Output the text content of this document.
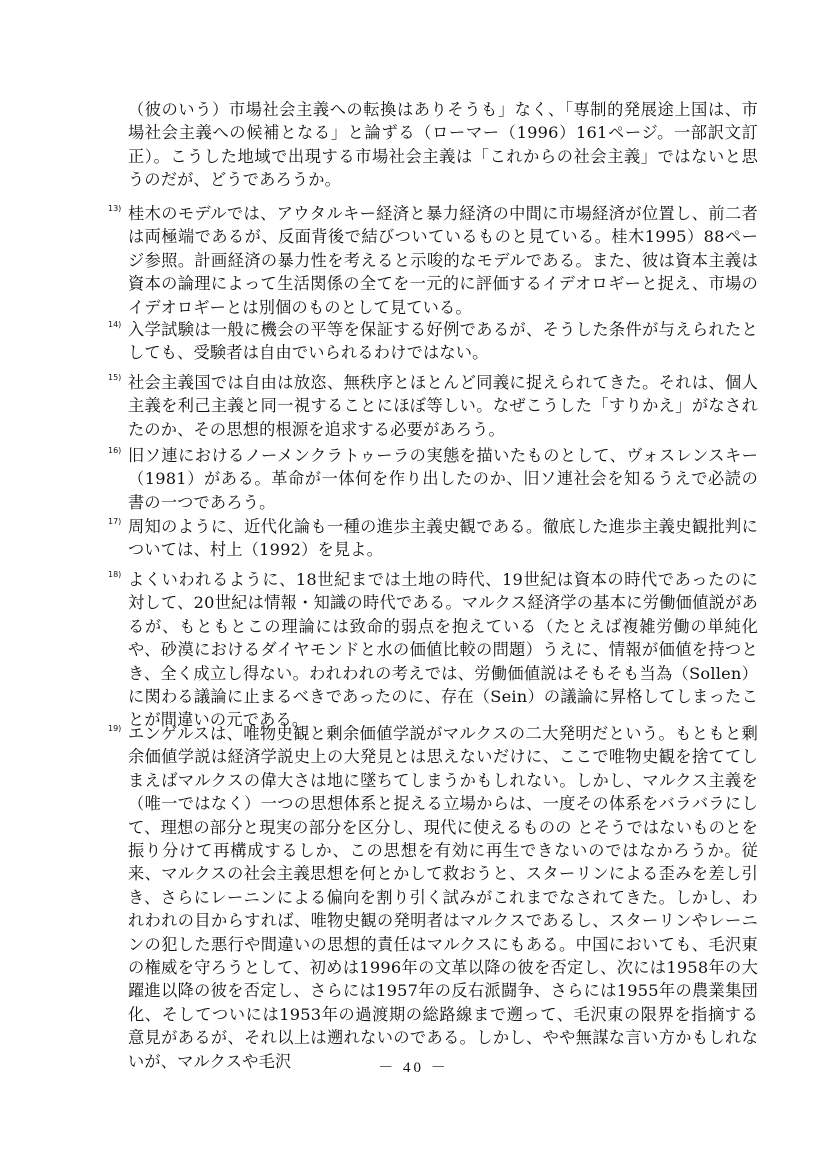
（彼のいう）市場社会主義への転換はありそうも」なく、「専制的発展途上国は、市場社会主義への候補となる」と論ずる（ローマー（1996）161ページ。一部訳文訂正）。こうした地域で出現する市場社会主義は「これからの社会主義」ではないと思うのだが、どうであろうか。

13) 桂木のモデルでは、アウタルキー経済と暴力経済の中間に市場経済が位置し、前二者は両極端であるが、反面背後で結びついているものと見ている。桂木1995）88ページ参照。計画経済の暴力性を考えると示唆的なモデルである。また、彼は資本主義は資本の論理によって生活関係の全てを一元的に評価するイデオロギーと捉え、市場のイデオロギーとは別個のものとして見ている。

14) 入学試験は一般に機会の平等を保証する好例であるが、そうした条件が与えられたとしても、受験者は自由でいられるわけではない。

15) 社会主義国では自由は放恣、無秩序とほとんど同義に捉えられてきた。それは、個人主義を利己主義と同一視することにほぼ等しい。なぜこうした「すりかえ」がなされたのか、その思想的根源を追求する必要があろう。

16) 旧ソ連におけるノーメンクラトゥーラの実態を描いたものとして、ヴォスレンスキー（1981）がある。革命が一体何を作り出したのか、旧ソ連社会を知るうえで必読の書の一つであろう。

17) 周知のように、近代化論も一種の進歩主義史観である。徹底した進歩主義史観批判については、村上（1992）を見よ。

18) よくいわれるように、18世紀までは土地の時代、19世紀は資本の時代であったのに対して、20世紀は情報・知識の時代である。マルクス経済学の基本に労働価値説があるが、もともとこの理論には致命的弱点を抱えている（たとえば複雑労働の単純化や、砂漠におけるダイヤモンドと水の価値比較の問題）うえに、情報が価値を持つとき、全く成立し得ない。われわれの考えでは、労働価値説はそもそも当為（Sollen）に関わる議論に止まるべきであったのに、存在（Sein）の議論に昇格してしまったことが間違いの元である。

19) エンゲルスは、唯物史観と剰余価値学説がマルクスの二大発明だという。もともと剰余価値学説は経済学説史上の大発見とは思えないだけに、ここで唯物史観を捨ててしまえばマルクスの偉大さは地に墜ちてしまうかもしれない。しかし、マルクス主義を（唯一ではなく）一つの思想体系と捉える立場からは、一度その体系をバラバラにして、理想の部分と現実の部分を区分し、現代に使えるものの とそうではないものとを振り分けて再構成するしか、この思想を有効に再生できないのではなかろうか。従来、マルクスの社会主義思想を何とかして救おうと、スターリンによる歪みを差し引き、さらにレーニンによる偏向を割り引く試みがこれまでなされてきた。しかし、われわれの目からすれば、唯物史観の発明者はマルクスであるし、スターリンやレーニンの犯した悪行や間違いの思想的責任はマルクスにもある。中国においても、毛沢東の権威を守ろうとして、初めは1996年の文革以降の彼を否定し、次には1958年の大躍進以降の彼を否定し、さらには1957年の反右派闘争、さらには1955年の農業集団化、そしてついには1953年の過渡期の総路線まで遡って、毛沢東の限界を指摘する意見があるが、それ以上は遡れないのである。しかし、やや無謀な言い方かもしれないが、マルクスや毛沢	－ 40 －
